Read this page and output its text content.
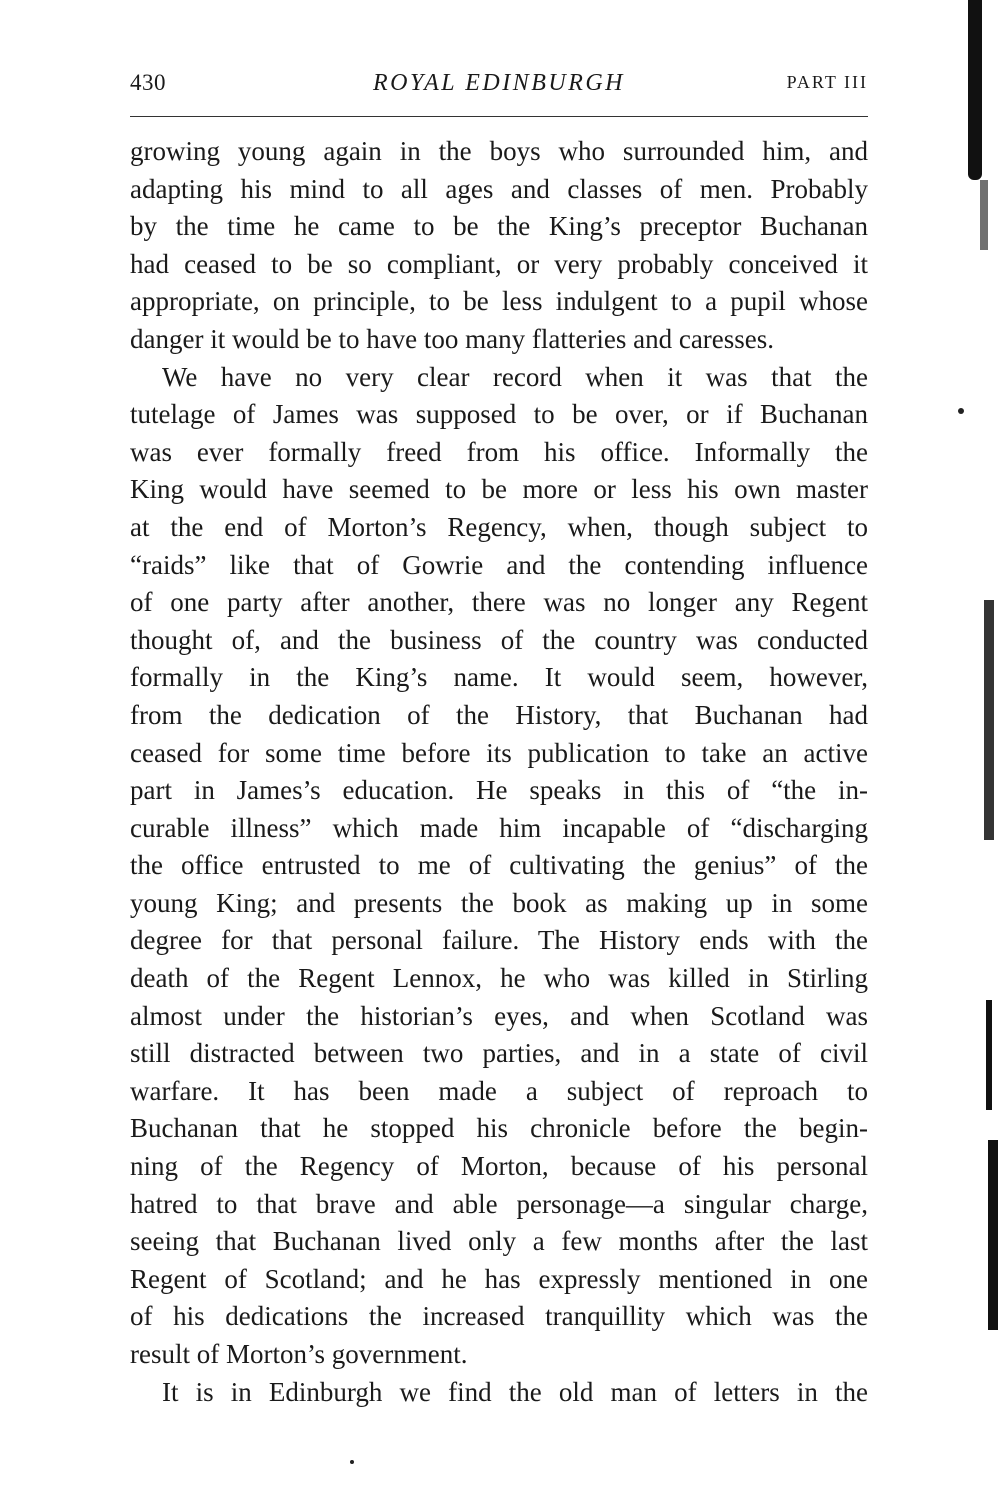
430	ROYAL EDINBURGH	PART III
growing young again in the boys who surrounded him, and
adapting his mind to all ages and classes of men. Probably
by the time he came to be the King’s preceptor Buchanan
had ceased to be so compliant, or very probably conceived it
appropriate, on principle, to be less indulgent to a pupil whose
danger it would be to have too many flatteries and caresses.
We have no very clear record when it was that the
tutelage of James was supposed to be over, or if Buchanan
was ever formally freed from his office. Informally the
King would have seemed to be more or less his own master
at the end of Morton’s Regency, when, though subject to
“raids” like that of Gowrie and the contending influence
of one party after another, there was no longer any Regent
thought of, and the business of the country was conducted
formally in the King’s name. It would seem, however,
from the dedication of the History, that Buchanan had
ceased for some time before its publication to take an active
part in James’s education. He speaks in this of “the in-
curable illness” which made him incapable of “discharging
the office entrusted to me of cultivating the genius” of the
young King; and presents the book as making up in some
degree for that personal failure. The History ends with the
death of the Regent Lennox, he who was killed in Stirling
almost under the historian’s eyes, and when Scotland was
still distracted between two parties, and in a state of civil
warfare. It has been made a subject of reproach to
Buchanan that he stopped his chronicle before the begin-
ning of the Regency of Morton, because of his personal
hatred to that brave and able personage—a singular charge,
seeing that Buchanan lived only a few months after the last
Regent of Scotland; and he has expressly mentioned in one
of his dedications the increased tranquillity which was the
result of Morton’s government.
It is in Edinburgh we find the old man of letters in the
